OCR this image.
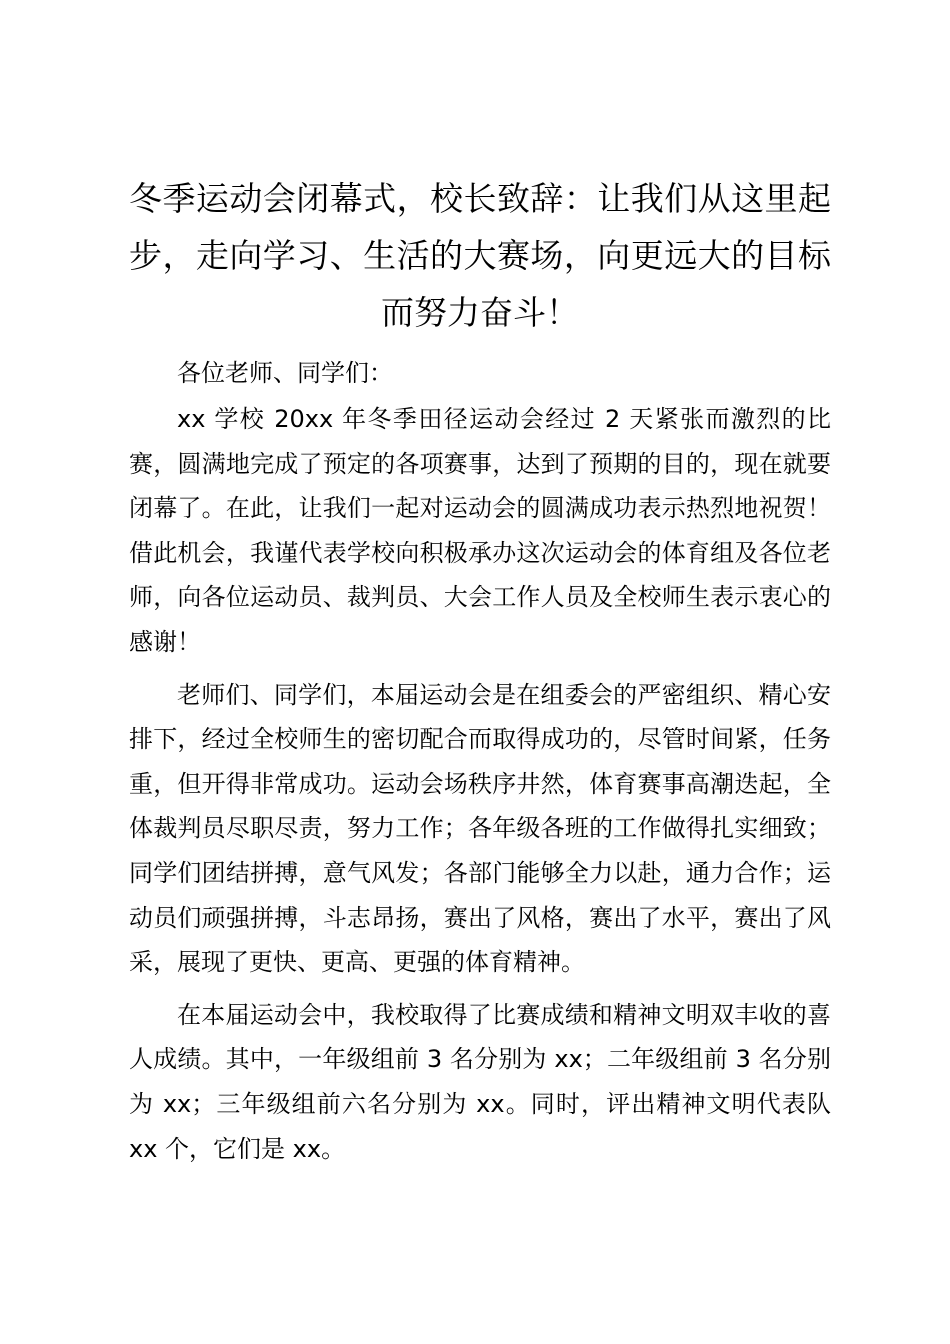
冬季运动会闭幕式，校长致辞：让我们从这里起步，走向学习、生活的大赛场，向更远大的目标而努力奋斗！

各位老师、同学们：

xx 学校 20xx 年冬季田径运动会经过 2 天紧张而激烈的比赛，圆满地完成了预定的各项赛事，达到了预期的目的，现在就要闭幕了。在此，让我们一起对运动会的圆满成功表示热烈地祝贺！借此机会，我谨代表学校向积极承办这次运动会的体育组及各位老师，向各位运动员、裁判员、大会工作人员及全校师生表示衷心的感谢！

老师们、同学们，本届运动会是在组委会的严密组织、精心安排下，经过全校师生的密切配合而取得成功的，尽管时间紧，任务重，但开得非常成功。运动会场秩序井然，体育赛事高潮迭起，全体裁判员尽职尽责，努力工作；各年级各班的工作做得扎实细致；同学们团结拼搏，意气风发；各部门能够全力以赴，通力合作；运动员们顽强拼搏，斗志昂扬，赛出了风格，赛出了水平，赛出了风采，展现了更快、更高、更强的体育精神。

在本届运动会中，我校取得了比赛成绩和精神文明双丰收的喜人成绩。其中，一年级组前 3 名分别为 xx；二年级组前 3 名分别为 xx；三年级组前六名分别为 xx。同时，评出精神文明代表队 xx 个，它们是 xx。
